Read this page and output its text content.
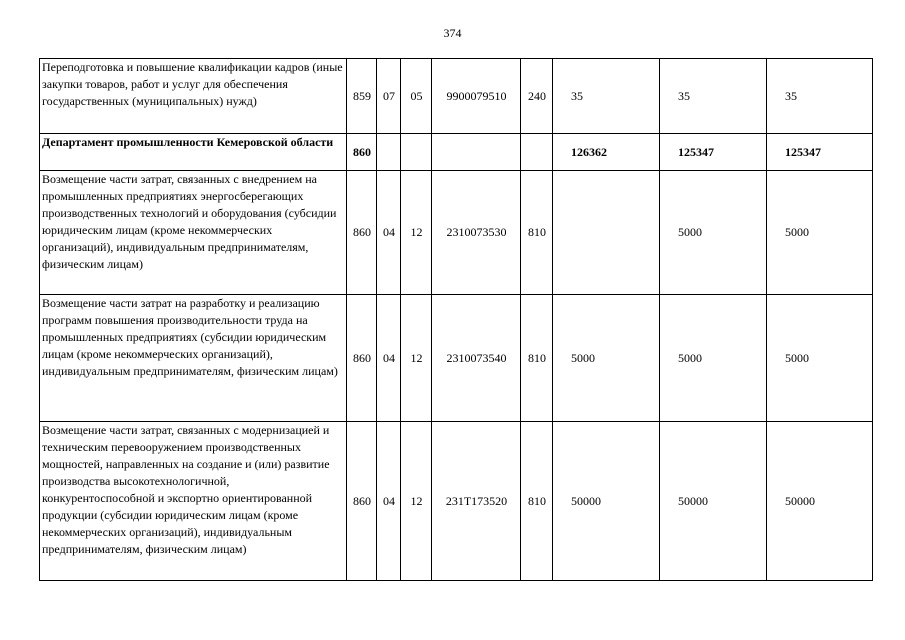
374
Переподготовка и повышение квалификации кадров (иные закупки товаров, работ и услуг для обеспечения государственных (муниципальных) нужд)	859	07	05	9900079510	240	35	35	35
Департамент промышленности Кемеровской области	860					126362	125347	125347
Возмещение части затрат, связанных с внедрением на промышленных предприятиях энергосберегающих производственных технологий и оборудования (субсидии юридическим лицам (кроме некоммерческих организаций), индивидуальным предпринимателям, физическим лицам)	860	04	12	2310073530	810		5000	5000
Возмещение части затрат на разработку и реализацию программ повышения производительности труда на промышленных предприятиях (субсидии юридическим лицам (кроме некоммерческих организаций), индивидуальным предпринимателям, физическим лицам)	860	04	12	2310073540	810	5000	5000	5000
Возмещение части затрат, связанных с модернизацией и техническим перевооружением производственных мощностей, направленных на создание и (или) развитие производства высокотехнологичной, конкурентоспособной и экспортно ориентированной продукции (субсидии юридическим лицам (кроме некоммерческих организаций), индивидуальным предпринимателям, физическим лицам)	860	04	12	231Т173520	810	50000	50000	50000
